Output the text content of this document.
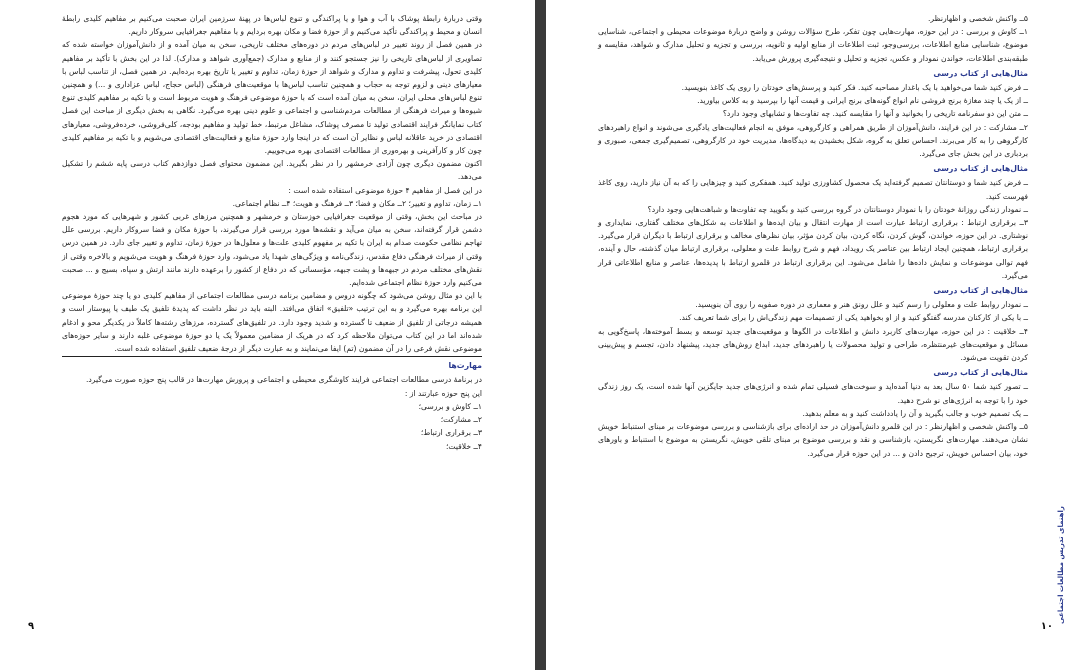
وقتی دربارهٔ رابطهٔ پوشاک با آب و هوا و یا پراکندگی و تنوع لباس‌ها در پهنهٔ سرزمین ایران صحبت می‌کنیم بر مفاهیم کلیدی رابطهٔ انسان و محیط و پراکندگی تأکید می‌کنیم و از حوزهٔ فضا و مکان بهره بردایم و با مفاهیم جغرافیایی سروکار داریم.

در همین فصل از روند تغییر در لباس‌های مردم در دوره‌های مختلف تاریخی، سخن به میان آمده و از دانش‌آموزان خواسته شده که تصاویری از لباس‌های تاریخی را نیز جستجو کنند و از منابع و مدارک (جمع‌آوری شواهد و مدارک). لذا در این بخش با تأکید بر مفاهیم کلیدی تحول، پیشرفت و تداوم و مدارک و شواهد از حوزهٔ زمان، تداوم و تغییر یا تاریخ بهره برده‌ایم. در همین فصل، از تناسب لباس با معیارهای دینی و لزوم توجه به حجاب و همچنین تناسب لباس‌ها با موقعیت‌های فرهنگی (لباس حجاج، لباس عزاداری و ...) و همچنین تنوع لباس‌های محلی ایران، سخن به میان آمده است که با حوزهٔ موضوعی فرهنگ و هویت مربوط است و با تکیه بر مفاهیم کلیدی تنوع شیوه‌ها و میراث فرهنگی از مطالعات مردم‌شناسی و اجتماعی و علوم دینی بهره می‌گیرد. نگاهی به بخش دیگری از مباحث این فصل کتاب نمایانگر فرایند اقتصادی تولید تا مصرف پوشاک، مشاغل مرتبط، خط تولید و مفاهیم بودجه، کلی‌فروشی، خرده‌فروشی، معیارهای اقتصادی در خرید عاقلانه لباس و نظایر آن است که در اینجا وارد حوزهٔ منابع و فعالیت‌های اقتصادی می‌شویم و با تکیه بر مفاهیم کلیدی چون کار و کارآفرینی و بهره‌وری از مطالعات اقتصادی بهره می‌جوییم.

اکنون مضمون دیگری چون آزادی خرمشهر را در نظر بگیرید. این مضمون محتوای فصل دوازدهم کتاب درسی پایه ششم را تشکیل می‌دهد.

در این فصل از مفاهیم ۴ حوزهٔ موضوعی استفاده شده است :

۱ــ زمان، تداوم و تغییر؛ ۲ــ مکان و فضا؛ ۳ــ فرهنگ و هویت؛ ۴ــ نظام اجتماعی.

در مباحث این بخش، وقتی از موقعیت جغرافیایی خوزستان و خرمشهر و همچنین مرزهای غربی کشور و شهرهایی که مورد هجوم دشمن قرار گرفته‌اند، سخن به میان می‌آید و نقشه‌ها مورد بررسی قرار می‌گیرند، با حوزهٔ مکان و فضا سروکار داریم. بررسی علل تهاجم نظامی حکومت صدام به ایران با تکیه بر مفهوم کلیدی علت‌ها و معلول‌ها در حوزهٔ زمان، تداوم و تغییر جای دارد. در همین درس وقتی از میراث فرهنگی دفاع مقدس، زندگی‌نامه و ویژگی‌های شهدا یاد می‌شود، وارد حوزهٔ فرهنگ و هویت می‌شویم و بالاخره وقتی از نقش‌های مختلف مردم در جبهه‌ها و پشت جبهه، مؤسساتی که در دفاع از کشور را برعهده دارند مانند ارتش و سپاه، بسیج و ... صحبت می‌کنیم وارد حوزهٔ نظام اجتماعی شده‌ایم.

با این دو مثال روشن می‌شود که چگونه دروس و مضامین برنامه درسی مطالعات اجتماعی از مفاهیم کلیدی دو یا چند حوزهٔ موضوعی این برنامه بهره می‌گیرد و به این ترتیب «تلفیق» اتفاق می‌افتد. البته باید در نظر داشت که پدیدهٔ تلفیق یک طیف یا پیوستار است و همیشه درجاتی از تلفیق از ضعیف تا گسترده و شدید وجود دارد. در تلفیق‌های گسترده، مرزهای رشته‌ها کاملاً در یکدیگر محو و ادغام شده‌اند اما در این کتاب می‌توان ملاحظه کرد که در هریک از مضامین معمولاً یک یا دو حوزهٔ موضوعی غلبه دارند و سایر حوزه‌های موضوعی نقش فرعی را در آن مضمون (تم) ایفا می‌نمایند و به عبارت دیگر از درجهٔ ضعیف تلفیق استفاده شده است.

مهارت‌ها

در برنامهٔ درسی مطالعات اجتماعی فرایند کاوشگری محیطی و اجتماعی و پرورش مهارت‌ها در قالب پنج حوزه صورت می‌گیرد.

این پنج حوزه عبارتند از :

۱ــ کاوش و بررسی؛

۲ــ مشارکت؛

۳ــ برقراری ارتباط؛

۴ــ خلاقیت؛

۹

۵ــ واکنش شخصی و اظهارنظر.

۱ــ کاوش و بررسی : در این حوزه، مهارت‌هایی چون تفکر، طرح سؤالات روشن و واضح دربارهٔ موضوعات محیطی و اجتماعی، شناسایی موضوع، شناسایی منابع اطلاعات، بررسی‌وجو، ثبت اطلاعات از منابع اولیه و ثانویه، بررسی و تجزیه و تحلیل مدارک و شواهد، مقایسه و طبقه‌بندی اطلاعات، خواندن نمودار و عکس، تجزیه و تحلیل و نتیجه‌گیری پرورش می‌یابد.

مثال‌هایی از کتاب درسی

ــ فرض کنید شما می‌خواهید با یک باغدار مصاحبه کنید. فکر کنید و پرسش‌های خودتان را روی یک کاغذ بنویسید.

ــ از یک یا چند مغازهٔ برنج فروشی نام انواع گونه‌های برنج ایرانی و قیمت آنها را بپرسید و به کلاس بیاورید.

ــ متن این دو سفرنامه تاریخی را بخوانید و آنها را مقایسه کنید. چه تفاوت‌ها و تشابهای وجود دارد؟

۲ــ مشارکت : در این فرایند، دانش‌آموزان از طریق همراهی و کارگروهی، موفق به انجام فعالیت‌های یادگیری می‌شوند و انواع راهبردهای کارگروهی را به کار می‌برند. احساس تعلق به گروه، شکل بخشیدن به دیدگاه‌ها، مدیریت خود در کارگروهی، تصمیم‌گیری جمعی، صبوری و بردباری در این بخش جای می‌گیرد.

مثال‌هایی از کتاب درسی

ــ فرض کنید شما و دوستانتان تصمیم گرفته‌اید یک محصول کشاورزی تولید کنید. همفکری کنید و چیزهایی را که به آن نیاز دارید، روی کاغذ فهرست کنید.

ــ نمودار زندگی روزانهٔ خودتان را با نمودار دوستانتان در گروه بررسی کنید و بگویید چه تفاوت‌ها و شباهت‌هایی وجود دارد؟

۳ــ برقراری ارتباط : برقراری ارتباط عبارت است از مهارت انتقال و بیان ایده‌ها و اطلاعات به شکل‌های مختلف گفتاری، نمایداری و نوشتاری. در این حوزه، خواندن، گوش کردن، نگاه کردن، بیان کردن مؤثر، بیان نظرهای مخالف و برقراری ارتباط با دیگران قرار می‌گیرد. برقراری ارتباط، همچنین ایجاد ارتباط بین عناصر یک رویداد، فهم و شرح روابط علت و معلولی، برقراری ارتباط میان گذشته، حال و آینده، فهم توالی موضوعات و نمایش داده‌ها را شامل می‌شود. این برقراری ارتباط در قلمرو ارتباط با پدیده‌ها، عناصر و منابع اطلاعاتی قرار می‌گیرد.

مثال‌هایی از کتاب درسی

ــ نمودار روابط علت و معلولی را رسم کنید و علل رونق هنر و معماری در دوره صفویه را روی آن بنویسید.

ــ با یکی از کارکنان مدرسه گفتگو کنید و از او بخواهید یکی از تصمیمات مهم زندگی‌اش را برای شما تعریف کند.

۴ــ خلاقیت : در این حوزه، مهارت‌های کاربرد دانش و اطلاعات در الگوها و موقعیت‌های جدید توسعه و بسط آموخته‌ها، پاسخ‌گویی به مسائل و موقعیت‌های غیرمنتظره، طراحی و تولید محصولات یا راهبردهای جدید، ابداع روش‌های جدید، پیشنهاد دادن، تجسم و پیش‌بینی کردن تقویت می‌شود.

مثال‌هایی از کتاب درسی

ــ تصور کنید شما ۵۰ سال بعد به دنیا آمده‌اید و سوخت‌های فسیلی تمام شده و انرژی‌های جدید جایگزین آنها شده است، یک روز زندگی خود را با توجه به انرژی‌های نو شرح دهید.

ــ یک تصمیم خوب و جالب بگیرید و آن را یادداشت کنید و به معلم بدهید.

۵ــ واکنش شخصی و اظهارنظر : در این قلمرو دانش‌آموزان در حد اراده‌ای برای بازشناسی و بررسی موضوعات بر مبنای استنباط خویش نشان می‌دهند. مهارت‌های نگریستن، بازشناسی و نقد و بررسی موضوع بر مبنای تلقی خویش، نگریستن به موضوع با استنباط و باورهای خود، بیان احساس خویش، ترجیح دادن و ... در این حوزه قرار می‌گیرد.

راهنمای تدریس مطالعات اجتماعی
۱۰
